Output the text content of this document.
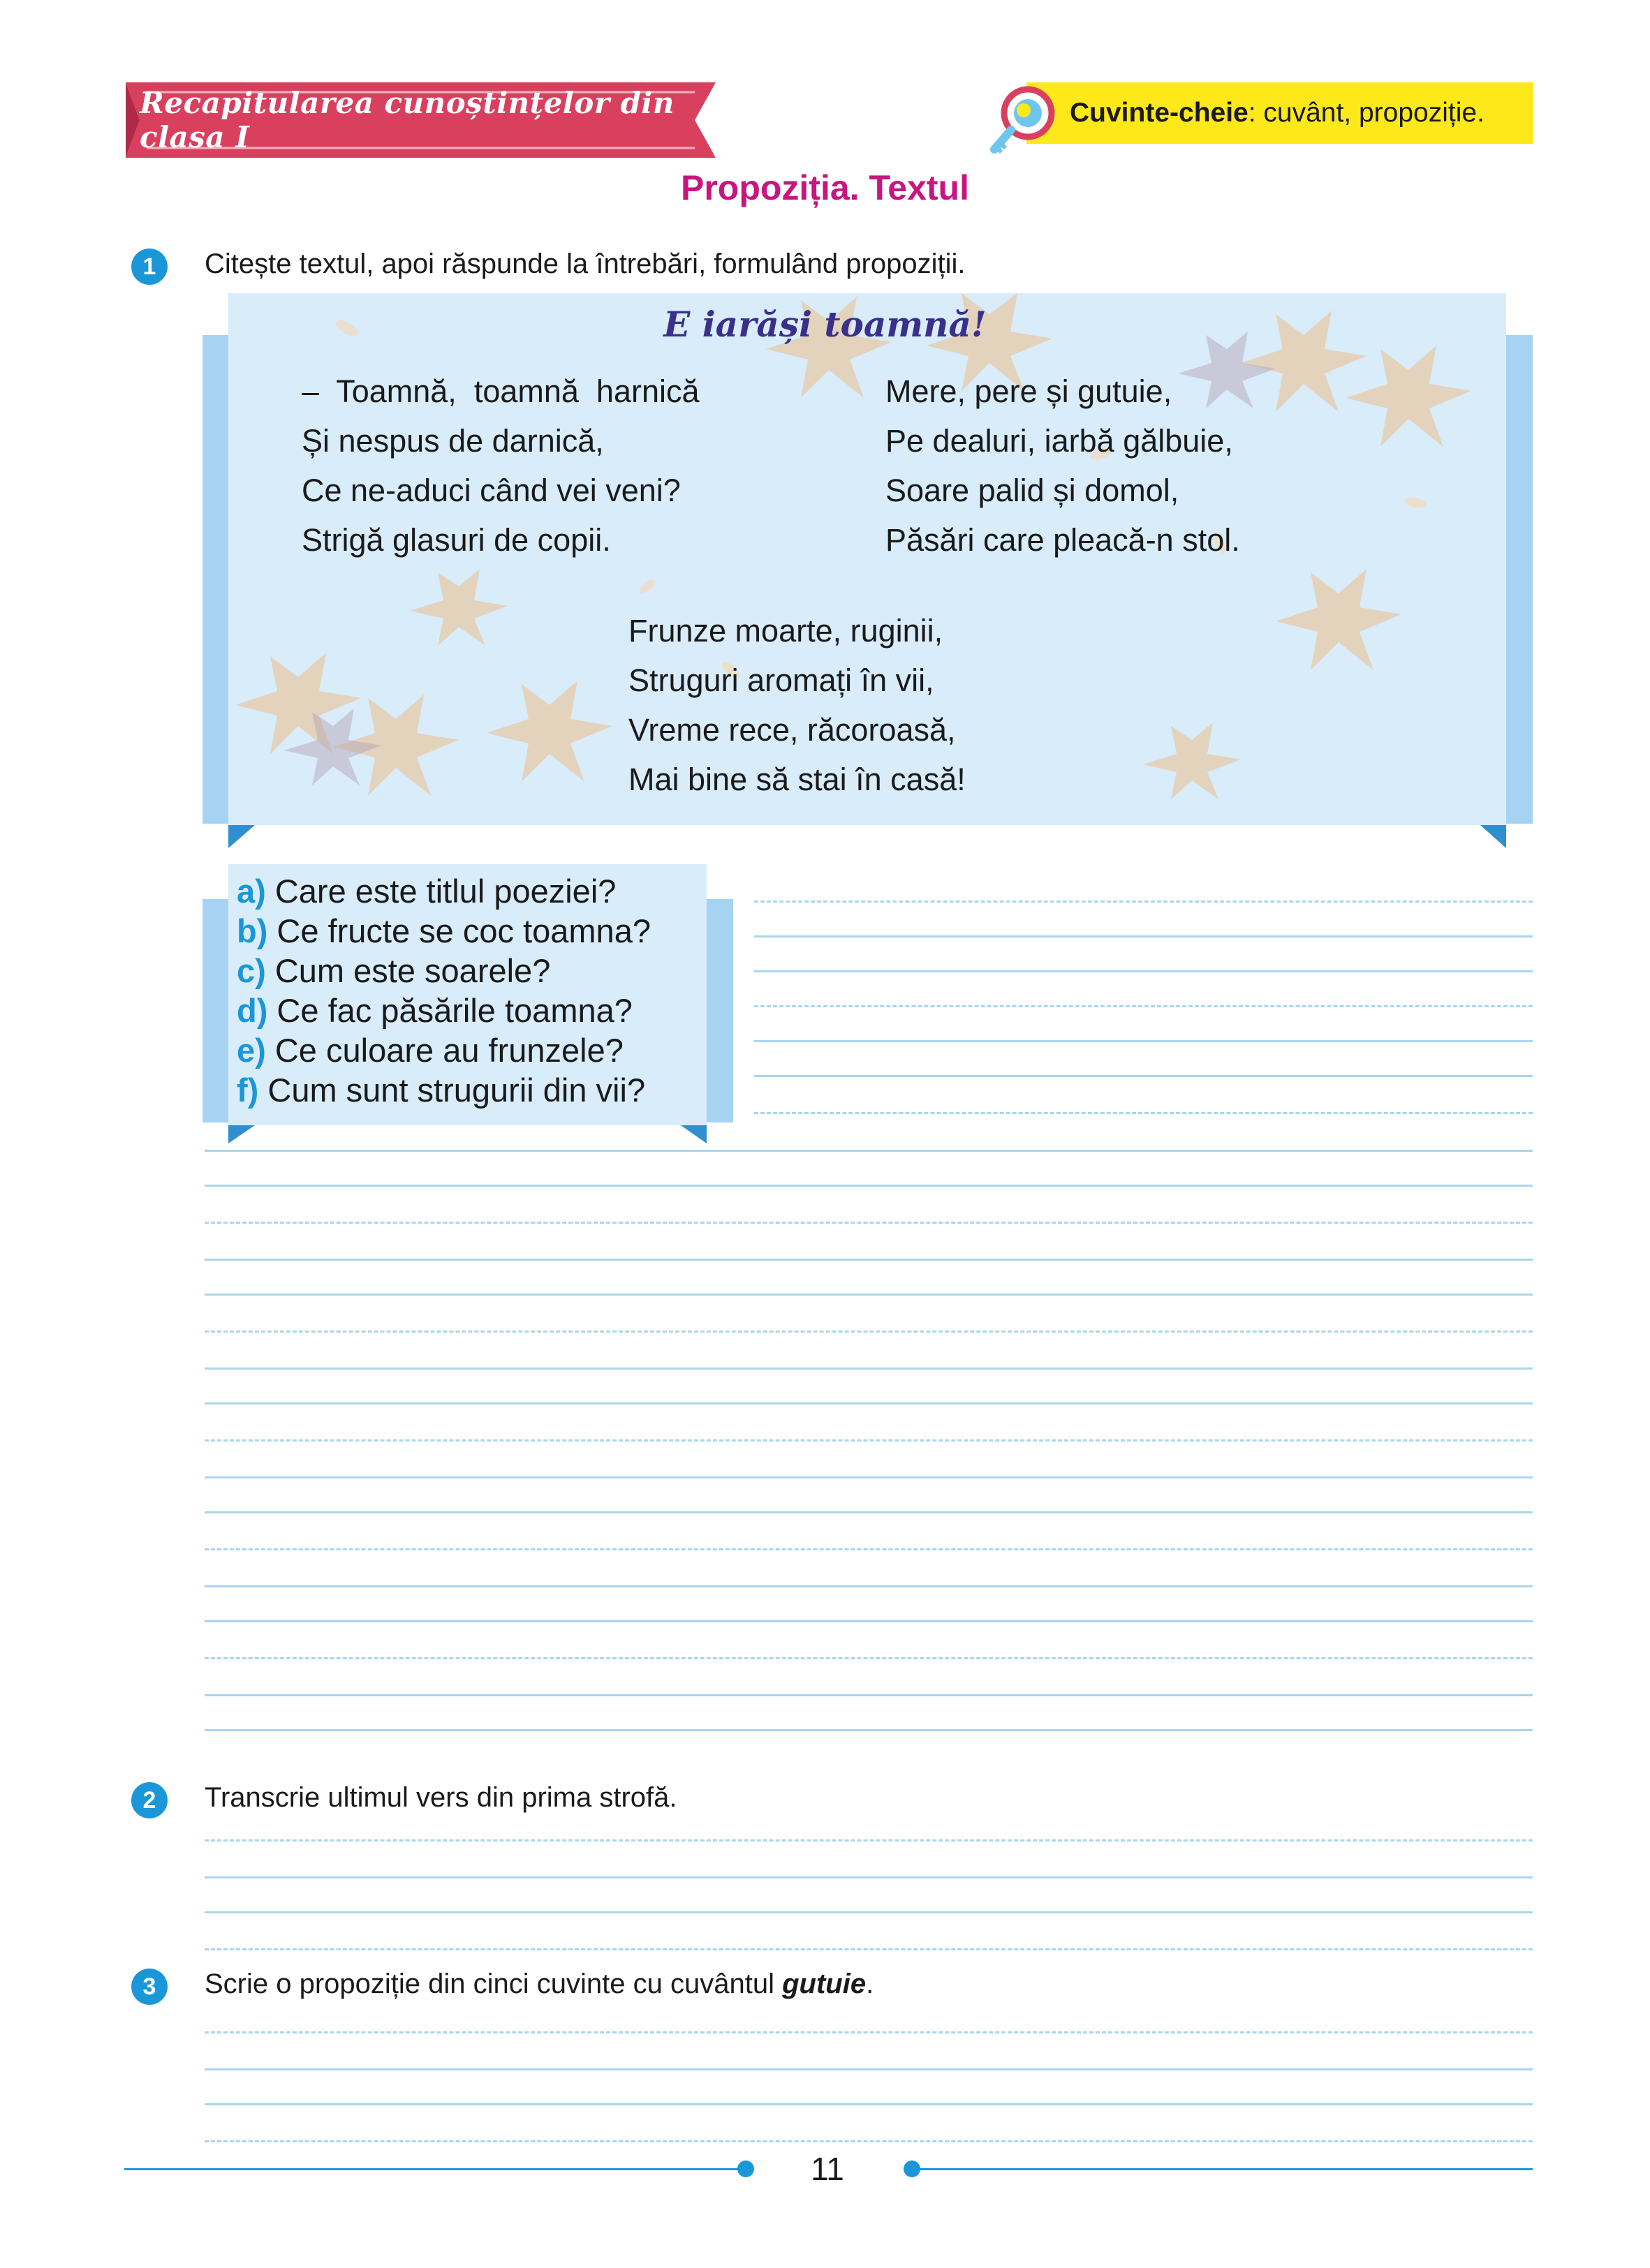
Recapitularea cunoștințelor din clasa I
Cuvinte-cheie : cuvânt, propoziție.
Propoziția. Textul
1	Citește textul, apoi răspunde la întrebări, formulând propoziții.
E iarăși toamnă!
–  Toamnă,  toamnă  harnică
Și nespus de darnică,
Ce ne-aduci când vei veni?
Strigă glasuri de copii.
Mere, pere și gutuie,
Pe dealuri, iarbă gălbuie,
Soare palid și domol,
Păsări care pleacă-n stol.
Frunze moarte, ruginii,
Struguri aromați în vii,
Vreme rece, răcoroasă,
Mai bine să stai în casă!
a) Care este titlul poeziei?
b) Ce fructe se coc toamna?
c) Cum este soarele?
d) Ce fac păsările toamna?
e) Ce culoare au frunzele?
f) Cum sunt strugurii din vii?
2	Transcrie ultimul vers din prima strofă.
3	Scrie o propoziție din cinci cuvinte cu cuvântul gutuie.
11
